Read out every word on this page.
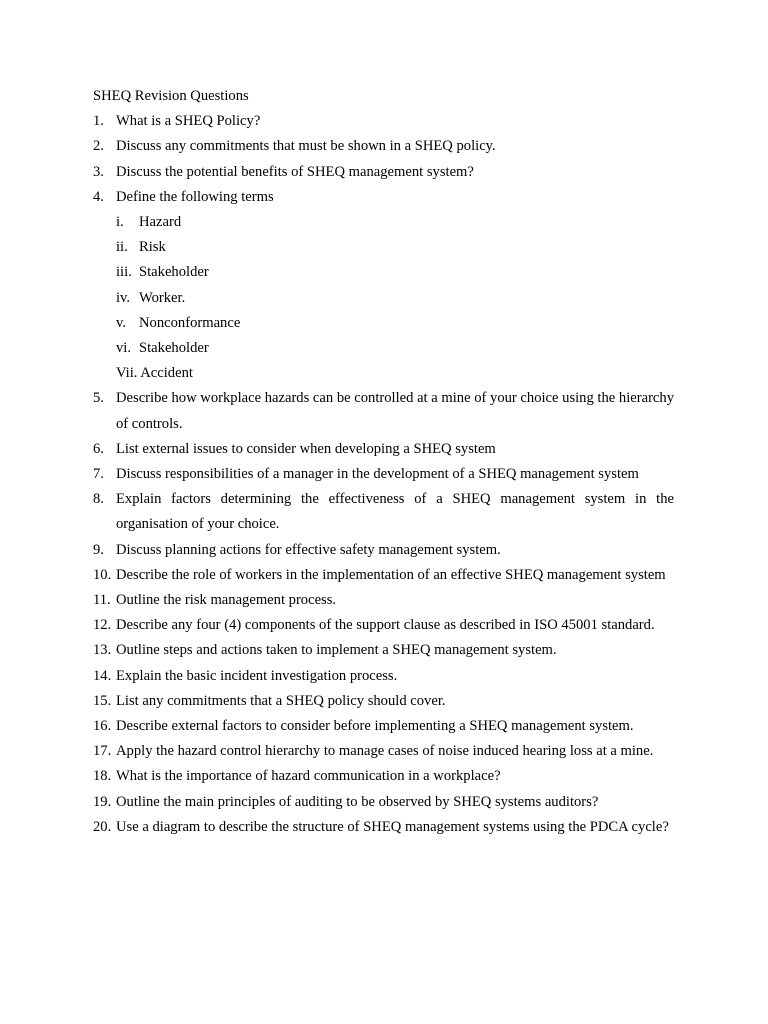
SHEQ Revision Questions
1. What is a SHEQ Policy?
2. Discuss any commitments that must be shown in a SHEQ policy.
3. Discuss the potential benefits of SHEQ management system?
4. Define the following terms
i. Hazard
ii. Risk
iii. Stakeholder
iv. Worker.
v. Nonconformance
vi. Stakeholder
Vii. Accident
5. Describe how workplace hazards can be controlled at a mine of your choice using the hierarchy of controls.
6. List external issues to consider when developing a SHEQ system
7. Discuss responsibilities of a manager in the development of a SHEQ management system
8. Explain factors determining the effectiveness of a SHEQ management system in the organisation of your choice.
9. Discuss planning actions for effective safety management system.
10. Describe the role of workers in the implementation of an effective SHEQ management system
11. Outline the risk management process.
12. Describe any four (4) components of the support clause as described in ISO 45001 standard.
13. Outline steps and actions taken to implement a SHEQ management system.
14. Explain the basic incident investigation process.
15. List any commitments that a SHEQ policy should cover.
16. Describe external factors to consider before implementing a SHEQ management system.
17. Apply the hazard control hierarchy to manage cases of noise induced hearing loss at a mine.
18. What is the importance of hazard communication in a workplace?
19. Outline the main principles of auditing to be observed by SHEQ systems auditors?
20. Use a diagram to describe the structure of SHEQ management systems using the PDCA cycle?
